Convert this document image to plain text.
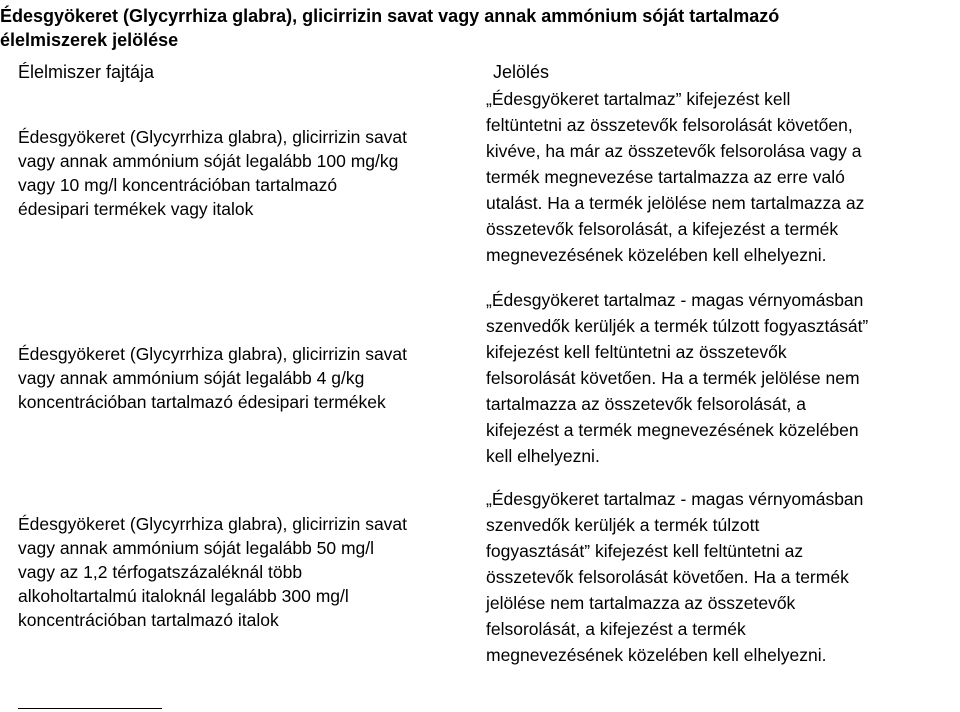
Édesgyökeret (Glycyrrhiza glabra), glicirrizin savat vagy annak ammónium sóját tartalmazó
élelmiszerek jelölése
Élelmiszer fajtája	Jelölés
Édesgyökeret (Glycyrrhiza glabra), glicirrizin savat
vagy annak ammónium sóját legalább 100 mg/kg
vagy 10 mg/l koncentrációban tartalmazó
édesipari termékek vagy italok
„Édesgyökeret tartalmaz” kifejezést kell
feltüntetni az összetevők felsorolását követően,
kivéve, ha már az összetevők felsorolása vagy a
termék megnevezése tartalmazza az erre való
utalást. Ha a termék jelölése nem tartalmazza az
összetevők felsorolását, a kifejezést a termék
megnevezésének közelében kell elhelyezni.
Édesgyökeret (Glycyrrhiza glabra), glicirrizin savat
vagy annak ammónium sóját legalább 4 g/kg
koncentrációban tartalmazó édesipari termékek
„Édesgyökeret tartalmaz - magas vérnyomásban
szenvedők kerüljék a termék túlzott fogyasztását”
kifejezést kell feltüntetni az összetevők
felsorolását követően. Ha a termék jelölése nem
tartalmazza az összetevők felsorolását, a
kifejezést a termék megnevezésének közelében
kell elhelyezni.
Édesgyökeret (Glycyrrhiza glabra), glicirrizin savat
vagy annak ammónium sóját legalább 50 mg/l
vagy az 1,2 térfogatszázaléknál több
alkoholtartalmú italoknál legalább 300 mg/l
koncentrációban tartalmazó italok
„Édesgyökeret tartalmaz - magas vérnyomásban
szenvedők kerüljék a termék túlzott
fogyasztását” kifejezést kell feltüntetni az
összetevők felsorolását követően. Ha a termék
jelölése nem tartalmazza az összetevők
felsorolását, a kifejezést a termék
megnevezésének közelében kell elhelyezni.
